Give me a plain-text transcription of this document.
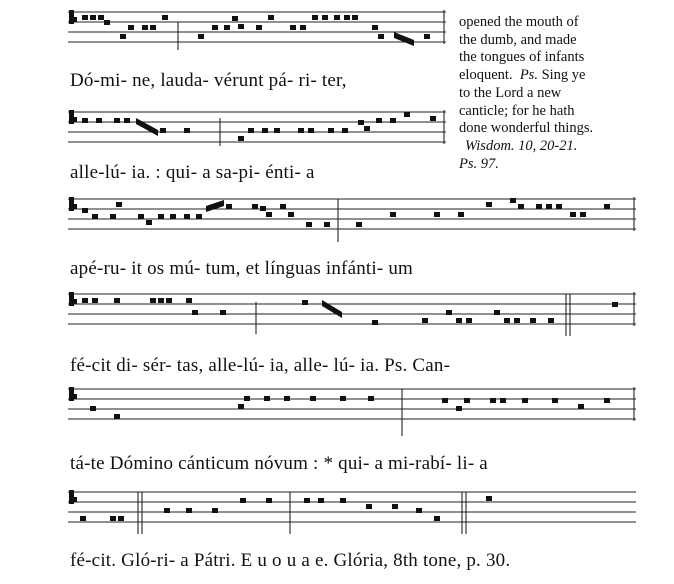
Dó-mi- ne, lauda- vérunt pá- ri- ter,
alle-lú- ia. : qui- a sa-pi- énti- a
apé-ru- it os mú- tum, et línguas infánti- um
fé-cit di- sér- tas, alle-lú- ia, alle- lú- ia. Ps. Can-
tá-te Dómino cánticum nóvum : * qui- a mi-rabí- li- a
fé-cit. Gló-ri- a Pátri. E u o u a e. Glória, 8th tone, p. 30.
opened the mouth of
the dumb, and made
the tongues of infants
eloquent. Ps. Sing ye
to the Lord a new
canticle; for he hath
done wonderful things.
Wisdom. 10, 20-21.
Ps. 97.
